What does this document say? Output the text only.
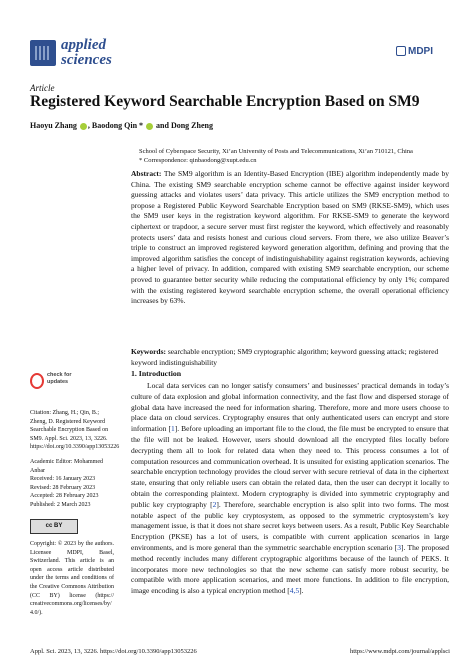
applied
sciences
MDPI
Article
Registered Keyword Searchable Encryption Based on SM9
Haoyu Zhang , Baodong Qin * and Dong Zheng
School of Cyberspace Security, Xi’an University of Posts and Telecommunications, Xi’an 710121, China
* Correspondence: qinbaodong@xupt.edu.cn
Abstract: The SM9 algorithm is an Identity-Based Encryption (IBE) algorithm independently made by China. The existing SM9 searchable encryption scheme cannot be effective against insider keyword guessing attacks and violates users’ data privacy. This article utilizes the SM9 encryption method to propose a Registered Public Keyword Searchable Encryption based on SM9 (RKSE-SM9), which uses the SM9 user keys in the registration keyword algorithm. For RKSE-SM9 to generate the keyword ciphertext or trapdoor, a secure server must first register the keyword, which effectively and reasonably protects users’ data and resists honest and curious cloud servers. From there, we also utilize Beaver’s triple to construct an improved registered keyword generation algorithm, defining and proving that the improved algorithm satisfies the concept of indistinguishability against registration keywords, achieving a higher level of privacy. In addition, compared with existing SM9 searchable encryption, our scheme proved to guarantee better security while reducing the computational efficiency by only 1%; compared with the existing registered keyword searchable encryption scheme, the overall operational efficiency increases by 63%.
Keywords: searchable encryption; SM9 cryptographic algorithm; keyword guessing attack; registered keyword indistinguishability
1. Introduction

Local data services can no longer satisfy consumers’ and businesses’ practical demands in today’s culture of data explosion and global information connectivity, and the fast flow and dispersed storage of global data have increased the need for information sharing. Therefore, more and more users choose to place data on cloud services. Cryptography ensures that only authenticated users can encrypt and store information [1]. Before uploading an important file to the cloud, the file must be encrypted to ensure that the file will not be leaked. However, users should download all the encrypted files locally before decrypting them all to look for related data when they need to. This process consumes a lot of computation resources and communication overhead. It is unsuited for existing application scenarios. The searchable encryption technology provides the cloud server with secure retrieval of data in the ciphertext state, ensuring that only reliable users can obtain the related data, then the user can decrypt it locally to obtain the corresponding plaintext. Modern cryptography is divided into symmetric cryptography and public key cryptography [2]. Therefore, searchable encryption is also split into two forms. The most notable aspect of the public key cryptosystem, as opposed to the symmetric cryptosystem’s key management issue, is that it does not share secret keys between users. As a result, Public Key Searchable Encryption (PKSE) has a lot of users, is compatible with current application scenarios in large environments, and is more general than the symmetric searchable encryption scenario [3]. The proposed method recently includes many different cryptographic algorithms because of the launch of PEKS. It incorporates more new technologies so that the new scheme can satisfy more robust security, be compatible with more application scenarios, and meet more functions. In addition to file encryption, image encoding is also a typical encryption method [4,5].

check for
updates
Citation: Zhang, H.; Qin, B.; Zheng, D. Registered Keyword Searchable Encryption Based on SM9. Appl. Sci. 2023, 13, 3226. https://doi.org/10.3390/app13053226
Academic Editor: Mohammed Anbar
Received: 16 January 2023
Revised: 28 February 2023
Accepted: 28 February 2023
Published: 2 March 2023
cc BY
Copyright: © 2023 by the authors. Licensee MDPI, Basel, Switzerland. This article is an open access article distributed under the terms and conditions of the Creative Commons Attribution (CC BY) license (https:// creativecommons.org/licenses/by/ 4.0/).
Appl. Sci. 2023, 13, 3226. https://doi.org/10.3390/app13053226	https://www.mdpi.com/journal/applsci
